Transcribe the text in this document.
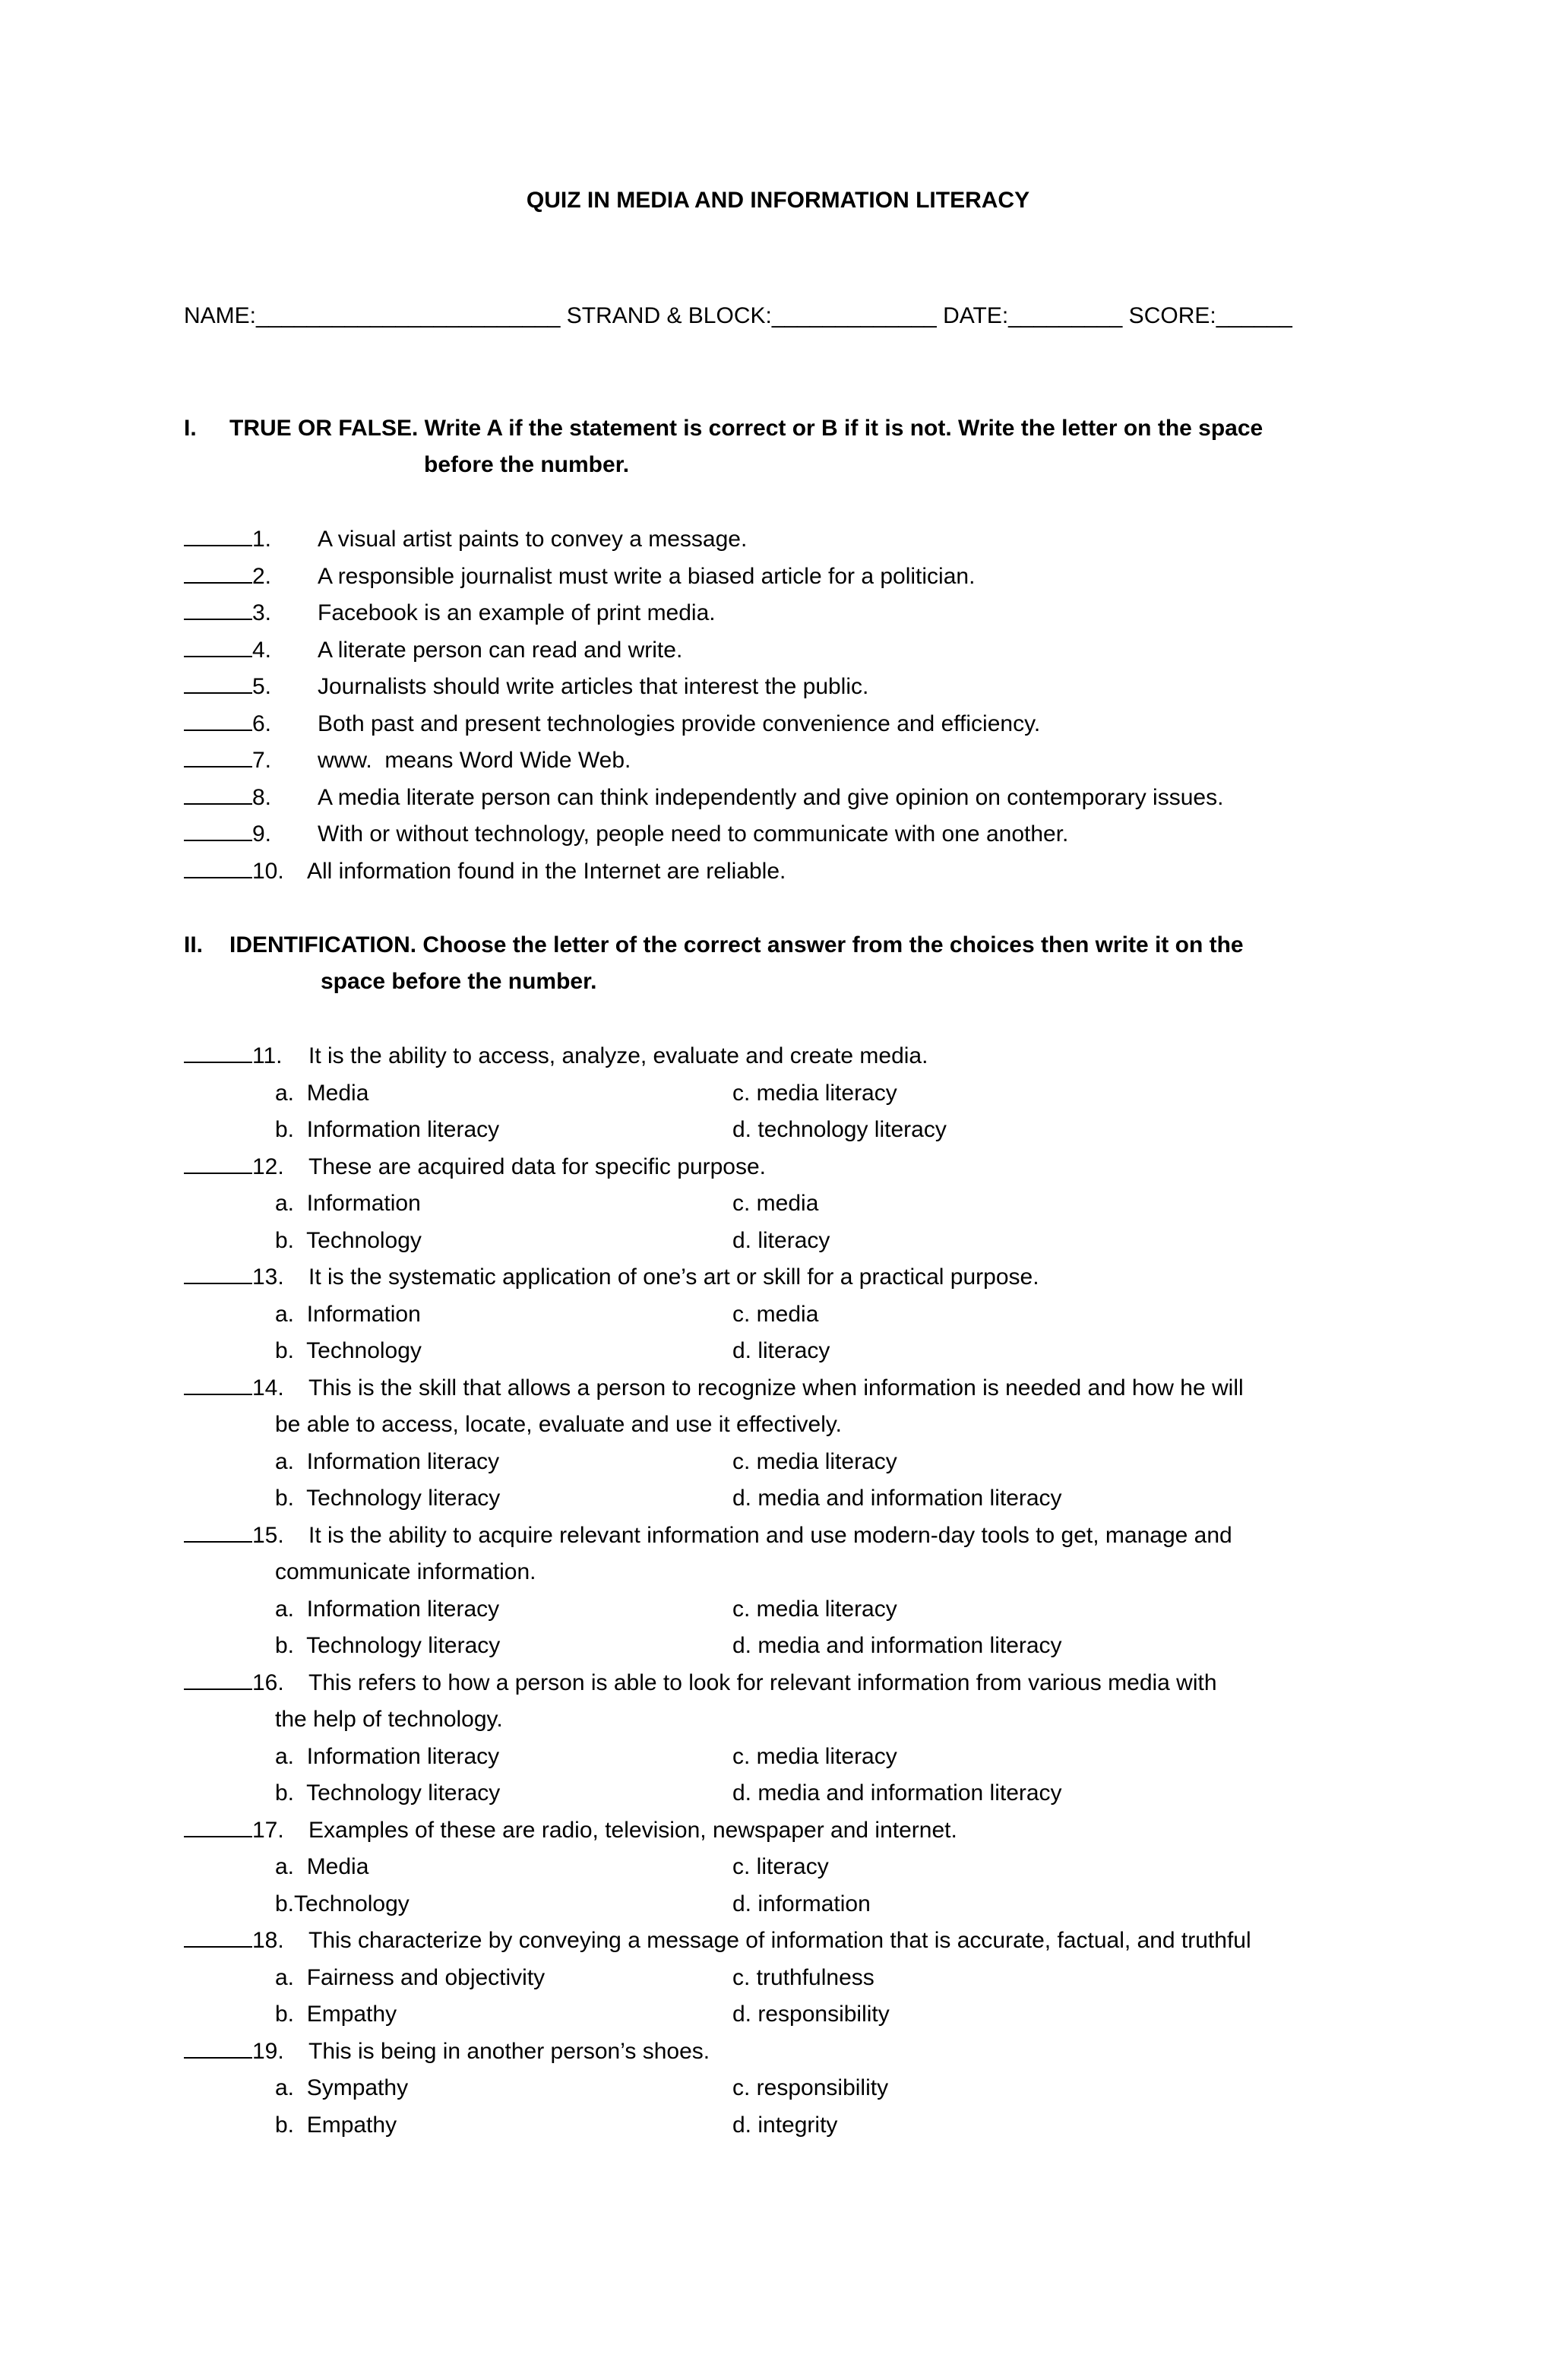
QUIZ IN MEDIA AND INFORMATION LITERACY
NAME:________________________ STRAND & BLOCK:_____________ DATE:_________ SCORE:______
I. TRUE OR FALSE. Write A if the statement is correct or B if it is not. Write the letter on the space
before the number.
1. A visual artist paints to convey a message.
2. A responsible journalist must write a biased article for a politician.
3. Facebook is an example of print media.
4. A literate person can read and write.
5. Journalists should write articles that interest the public.
6. Both past and present technologies provide convenience and efficiency.
7. www.  means Word Wide Web.
8. A media literate person can think independently and give opinion on contemporary issues.
9. With or without technology, people need to communicate with one another.
10. All information found in the Internet are reliable.
II. IDENTIFICATION. Choose the letter of the correct answer from the choices then write it on the
space before the number.
11. It is the ability to access, analyze, evaluate and create media.
a.  Media	c. media literacy
b.  Information literacy	d. technology literacy
12. These are acquired data for specific purpose.
a.  Information	c. media
b.  Technology	d. literacy
13. It is the systematic application of one’s art or skill for a practical purpose.
a.  Information	c. media
b.  Technology	d. literacy
14. This is the skill that allows a person to recognize when information is needed and how he will
be able to access, locate, evaluate and use it effectively.
a.  Information literacy	c. media literacy
b.  Technology literacy	d. media and information literacy
15. It is the ability to acquire relevant information and use modern-day tools to get, manage and
communicate information.
a.  Information literacy	c. media literacy
b.  Technology literacy	d. media and information literacy
16. This refers to how a person is able to look for relevant information from various media with
the help of technology.
a.  Information literacy	c. media literacy
b.  Technology literacy	d. media and information literacy
17. Examples of these are radio, television, newspaper and internet.
a.  Media	c. literacy
b.Technology	d. information
18. This characterize by conveying a message of information that is accurate, factual, and truthful
a.  Fairness and objectivity	c. truthfulness
b.  Empathy	d. responsibility
19. This is being in another person’s shoes.
a.  Sympathy	c. responsibility
b.  Empathy	d. integrity
